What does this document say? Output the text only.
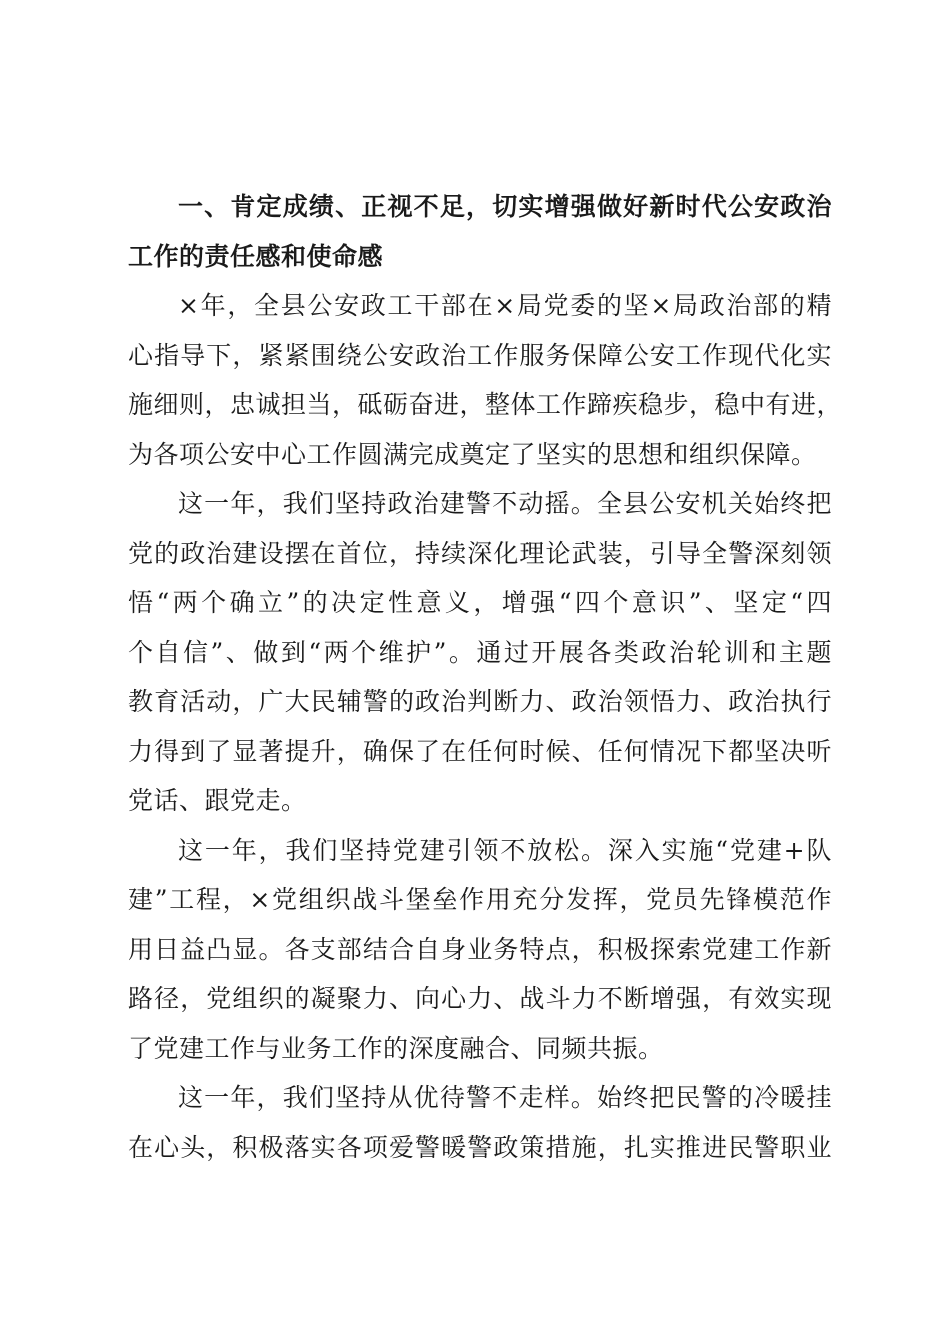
一、肯定成绩、正视不足，切实增强做好新时代公安政治
工作的责任感和使命感
×年，全县公安政工干部在×局党委的坚×局政治部的精
心指导下，紧紧围绕公安政治工作服务保障公安工作现代化实
施细则，忠诚担当，砥砺奋进，整体工作蹄疾稳步，稳中有进，
为各项公安中心工作圆满完成奠定了坚实的思想和组织保障。
这一年，我们坚持政治建警不动摇。全县公安机关始终把
党的政治建设摆在首位，持续深化理论武装，引导全警深刻领
悟“两个确立”的决定性意义，增强“四个意识”、坚定“四
个自信”、做到“两个维护”。通过开展各类政治轮训和主题
教育活动，广大民辅警的政治判断力、政治领悟力、政治执行
力得到了显著提升，确保了在任何时候、任何情况下都坚决听
党话、跟党走。
这一年，我们坚持党建引领不放松。深入实施“党建+队
建”工程，×党组织战斗堡垒作用充分发挥，党员先锋模范作
用日益凸显。各支部结合自身业务特点，积极探索党建工作新
路径，党组织的凝聚力、向心力、战斗力不断增强，有效实现
了党建工作与业务工作的深度融合、同频共振。
这一年，我们坚持从优待警不走样。始终把民警的冷暖挂
在心头，积极落实各项爱警暖警政策措施，扎实推进民警职业
